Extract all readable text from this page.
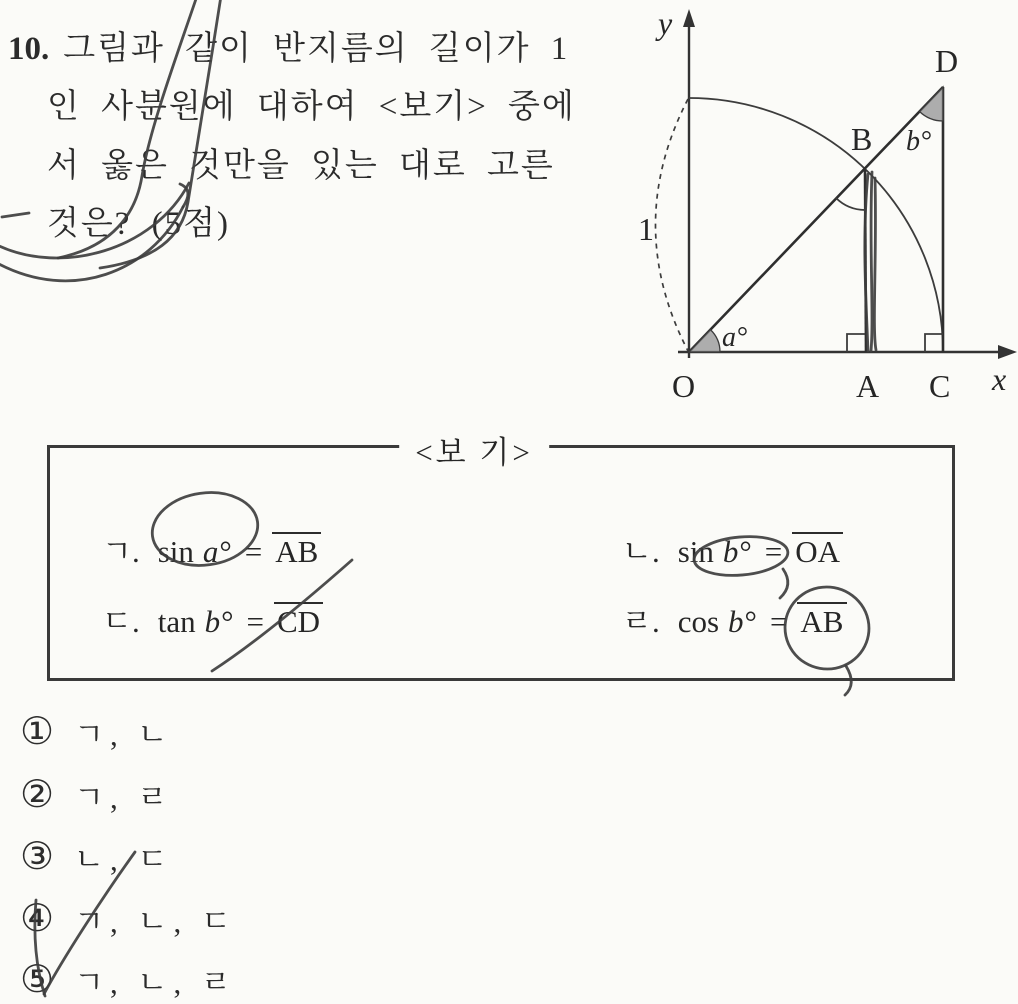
10. 그림과 같이 반지름의 길이가 1
인 사분원에 대하여 <보기> 중에
서 옳은 것만을 있는 대로 고른
것은? (5점)	1
y
x
O	A
B
C
D
a°
b°
<보 기>
ㄱ. sin a° = AB	ㄴ. sin b° = OA
ㄷ. tan b° = CD	ㄹ. cos b° = AB
① ㄱ, ㄴ
② ㄱ, ㄹ
③ ㄴ, ㄷ
④ ㄱ, ㄴ, ㄷ
⑤ ㄱ, ㄴ, ㄹ
